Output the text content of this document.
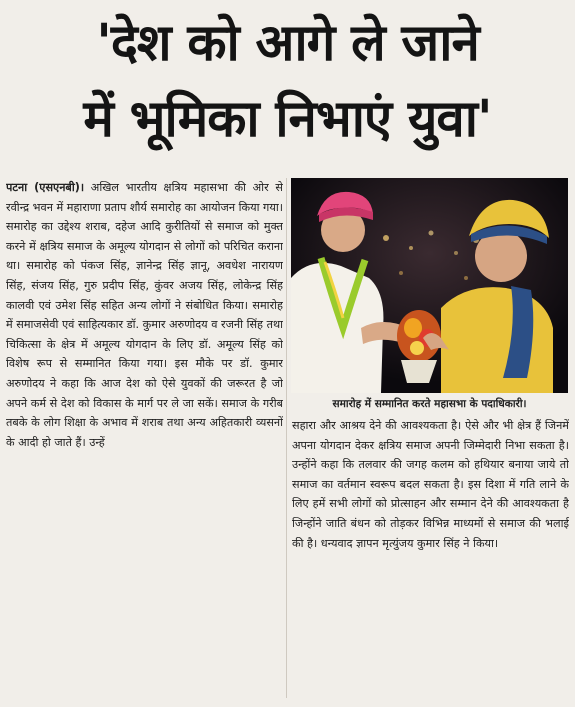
'देश को आगे ले जाने
में भूमिका निभाएं युवा'
पटना (एसएनबी)। अखिल भारतीय क्षत्रिय महासभा की ओर से रवीन्द्र भवन में महाराणा प्रताप शौर्य समारोह का आयोजन किया गया। समारोह का उद्देश्य शराब, दहेज आदि कुरीतियों से समाज को मुक्त करने में क्षत्रिय समाज के अमूल्य योगदान से लोगों को परिचित कराना था। समारोह को पंकज सिंह, ज्ञानेन्द्र सिंह ज्ञानू, अवधेश नारायण सिंह, संजय सिंह, गुरु प्रदीप सिंह, कुंवर अजय सिंह, लोकेन्द्र सिंह कालवी एवं उमेश सिंह सहित अन्य लोगों ने संबोधित किया। समारोह में समाजसेवी एवं साहित्यकार डॉ. कुमार अरुणोदय व रजनी सिंह तथा चिकित्सा के क्षेत्र में अमूल्य योगदान के लिए डॉ. अमूल्य सिंह को विशेष रूप से सम्मानित किया गया। इस मौके पर डॉ. कुमार अरुणोदय ने कहा कि आज देश को ऐसे युवकों की जरूरत है जो अपने कर्म से देश को विकास के मार्ग पर ले जा सकें। समाज के गरीब तबके के लोग शिक्षा के अभाव में शराब तथा अन्य अहितकारी व्यसनों के आदी हो जाते हैं। उन्हें
समारोह में सम्मानित करते महासभा के पदाधिकारी।
सहारा और आश्रय देने की आवश्यकता है। ऐसे और भी क्षेत्र हैं जिनमें अपना योगदान देकर क्षत्रिय समाज अपनी जिम्मेदारी निभा सकता है। उन्होंने कहा कि तलवार की जगह कलम को हथियार बनाया जाये तो समाज का वर्तमान स्वरूप बदल सकता है। इस दिशा में गति लाने के लिए हमें सभी लोगों को प्रोत्साहन और सम्मान देने की आवश्यकता है जिन्होंने जाति बंधन को तोड़कर विभिन्न माध्यमों से समाज की भलाई की है। धन्यवाद ज्ञापन मृत्युंजय कुमार सिंह ने किया।
